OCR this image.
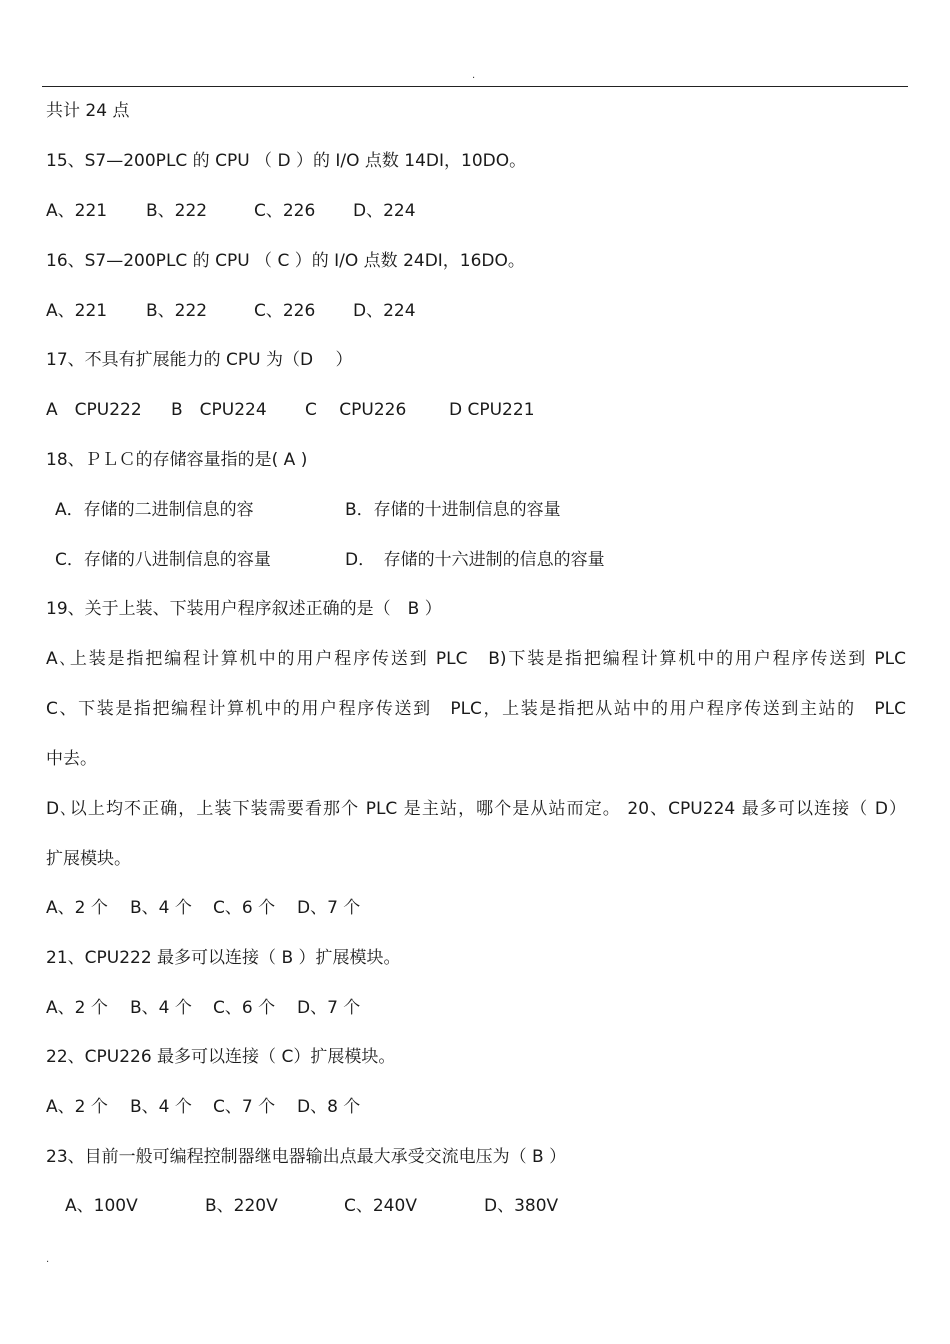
.
共计 24 点
15、S7—200PLC 的 CPU （ D ）的 I/O 点数 14DI，10DO。
A、221 B、222	C、226 D、224
16、S7—200PLC 的 CPU （ C ）的 I/O 点数 24DI，16DO。
A、221 B、222	C、226 D、224
17、不具有扩展能力的 CPU 为（D　 ）
A　CPU222 B　CPU224 C　 CPU226	D CPU221
18、ＰＬＣ的存储容量指的是( A )
A．存储的二进制信息的容	B．存储的十进制信息的容量
C．存储的八进制信息的容量	D．　存储的十六进制的信息的容量
19、关于上装、下装用户程序叙述正确的是（　B ）
A､上装是指把编程计算机中的用户程序传送到 PLC　B)下装是指把编程计算机中的用户程序传送到 PLC
C、下装是指把编程计算机中的用户程序传送到　PLC，上装是指把从站中的用户程序传送到主站的　PLC
中去。
D､以上均不正确，上装下装需要看那个 PLC 是主站，哪个是从站而定。 20、CPU224 最多可以连接（ D）
扩展模块。
A、2 个 B、4 个 C、6 个 D、7 个
21、CPU222 最多可以连接（ B ）扩展模块。
A、2 个 B、4 个 C、6 个 D、7 个
22、CPU226 最多可以连接（ C）扩展模块。
A、2 个 B、4 个 C、7 个 D、8 个
23、目前一般可编程控制器继电器输出点最大承受交流电压为（ B ）
A、100V	B、220V	C、240V	D、380V
.
